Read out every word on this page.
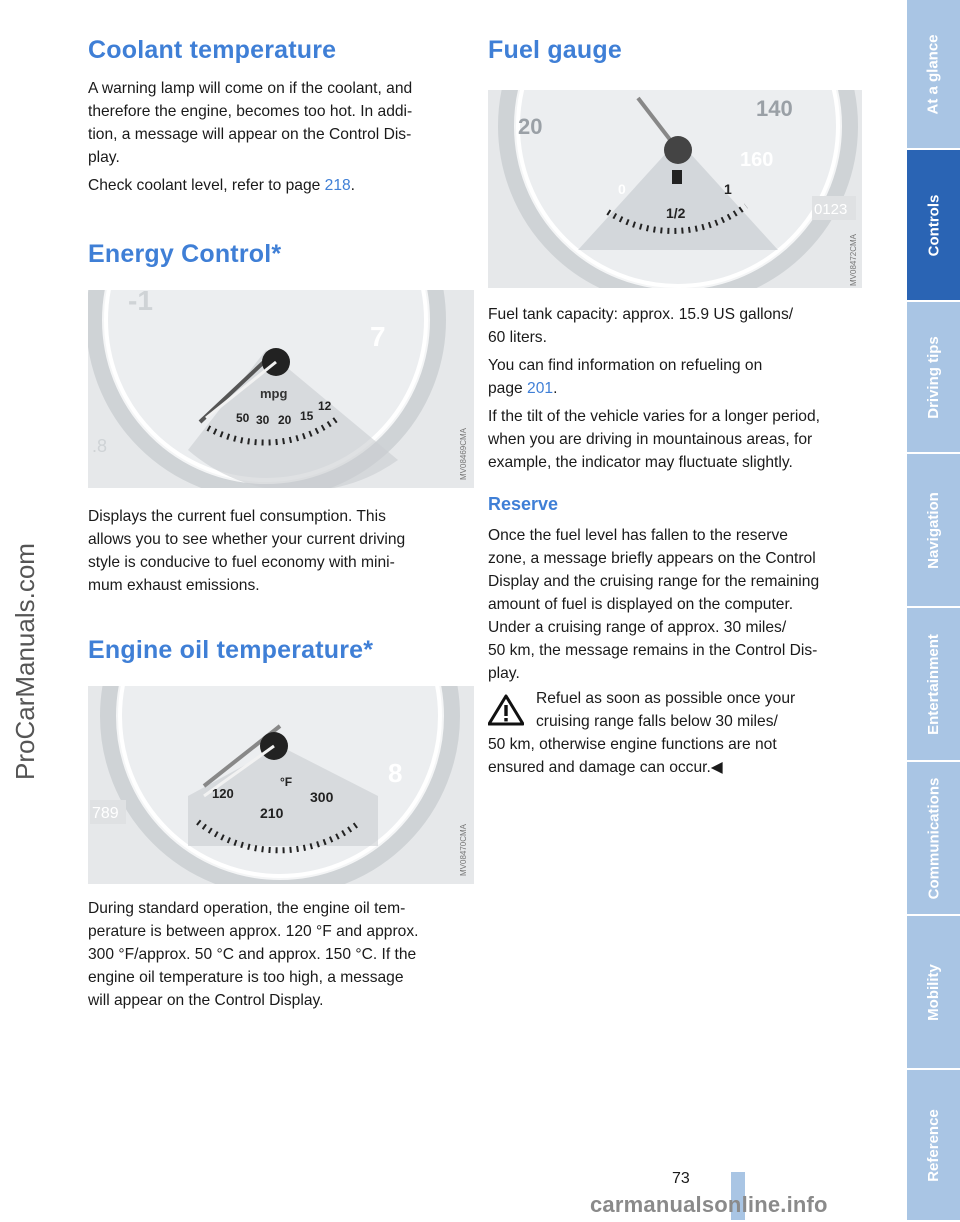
Coolant temperature

A warning lamp will come on if the coolant, and

therefore the engine, becomes too hot. In addi-

tion, a message will appear on the Control Dis-

play.

Check coolant level, refer to page 218.

Energy Control*
mpg
50 30 20 15
12
-1
7
.8	MV08469CMA

Displays the current fuel consumption. This

allows you to see whether your current driving

style is conducive to fuel economy with mini-

mum exhaust emissions.

Engine oil temperature*
°F
120
210
300
789
8
MV08470CMA

During standard operation, the engine oil tem-

perature is between approx. 120 °F and approx.

300 °F/approx. 50 °C and approx. 150 °C. If the

engine oil temperature is too high, a message

will appear on the Control Display.

Fuel gauge
20
140
160
0
1/2
1
0123
MV08472CMA

Fuel tank capacity: approx. 15.9 US gallons/

60 liters.

You can find information on refueling on

page 201.

If the tilt of the vehicle varies for a longer period,

when you are driving in mountainous areas, for

example, the indicator may fluctuate slightly.

Reserve

Once the fuel level has fallen to the reserve

zone, a message briefly appears on the Control

Display and the cruising range for the remaining

amount of fuel is displayed on the computer.

Under a cruising range of approx. 30 miles/

50 km, the message remains in the Control Dis-

play.

Refuel as soon as possible once your

cruising range falls below 30 miles/

50 km, otherwise engine functions are not

ensured and damage can occur.◀

At a glance
Controls
Driving tips
Navigation
Entertainment
Communications
Mobility
Reference
ProCarManuals.com
73
carmanualsonline.info
